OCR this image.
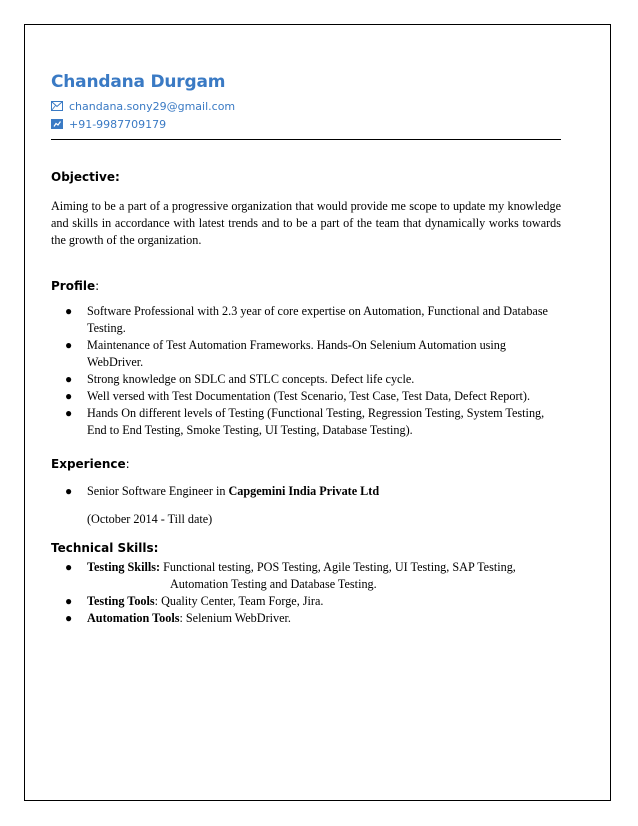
Chandana Durgam
chandana.sony29@gmail.com
+91-9987709179
Objective:

Aiming to be a part of a progressive organization that would provide me scope to update my knowledge and skills in accordance with latest trends and to be a part of the team that dynamically works towards the growth of the organization.

Profile:
● Software Professional with 2.3 year of core expertise on Automation, Functional and Database Testing.
● Maintenance of Test Automation Frameworks. Hands-On Selenium Automation using WebDriver.
● Strong knowledge on SDLC and STLC concepts. Defect life cycle.
● Well versed with Test Documentation (Test Scenario, Test Case, Test Data, Defect Report).
● Hands On different levels of Testing (Functional Testing, Regression Testing, System Testing, End to End Testing, Smoke Testing, UI Testing, Database Testing).
Experience:
● Senior Software Engineer in Capgemini India Private Ltd
(October 2014 - Till date)
Technical Skills:
● Testing Skills: Functional testing, POS Testing, Agile Testing, UI Testing, SAP Testing,
Automation Testing and Database Testing.
● Testing Tools: Quality Center, Team Forge, Jira.
● Automation Tools: Selenium WebDriver.
